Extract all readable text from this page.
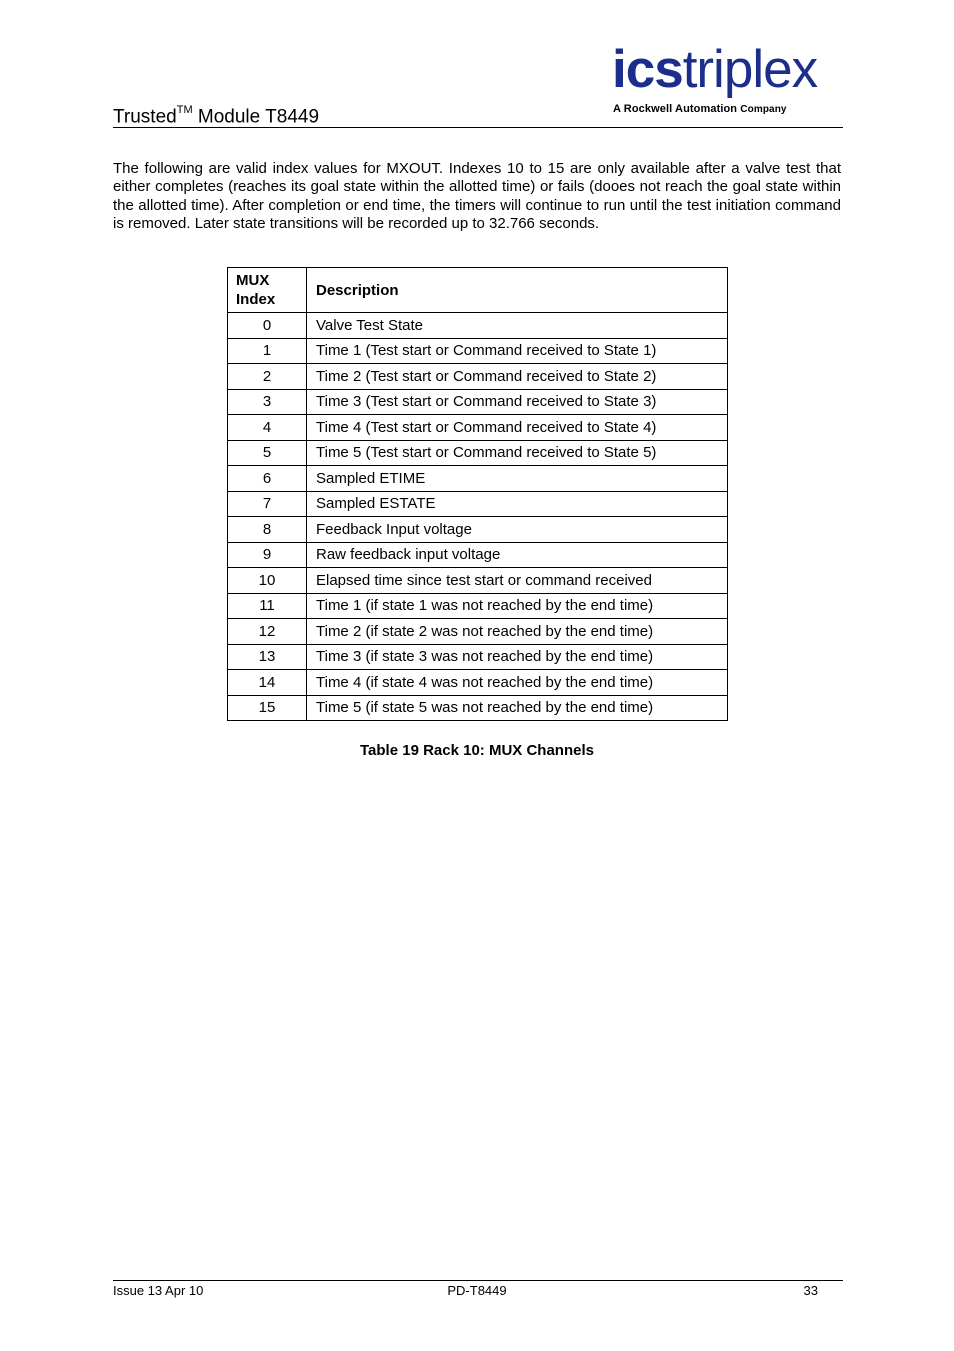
Trusted™ Module T8449
icstriplex
A Rockwell Automation Company
The following are valid index values for MXOUT. Indexes 10 to 15 are only available after a valve test that either completes (reaches its goal state within the allotted time) or fails (dooes not reach the goal state within the allotted time). After completion or end time, the timers will continue to run until the test initiation command is removed. Later state transitions will be recorded up to 32.766 seconds.
MUX
Index	Description
0	Valve Test State
1	Time 1 (Test start or Command received to State 1)
2	Time 2 (Test start or Command received to State 2)
3	Time 3 (Test start or Command received to State 3)
4	Time 4 (Test start or Command received to State 4)
5	Time 5 (Test start or Command received to State 5)
6	Sampled ETIME
7	Sampled ESTATE
8	Feedback Input voltage
9	Raw feedback input voltage
10	Elapsed time since test start or command received
11	Time 1 (if state 1 was not reached by the end time)
12	Time 2 (if state 2 was not reached by the end time)
13	Time 3 (if state 3 was not reached by the end time)
14	Time 4 (if state 4 was not reached by the end time)
15	Time 5 (if state 5 was not reached by the end time)
Table 19 Rack 10: MUX Channels
Issue 13 Apr 10	PD-T8449	33
